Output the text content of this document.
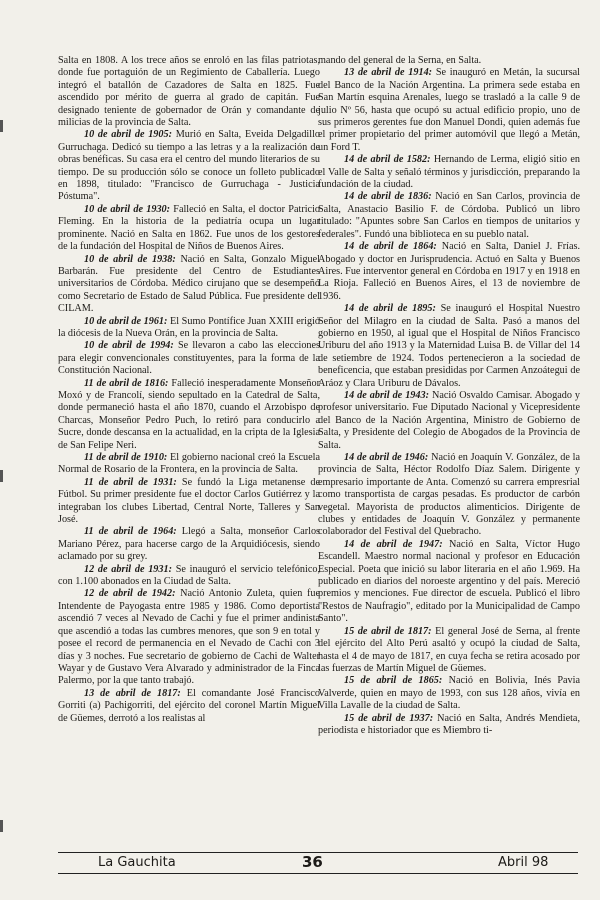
Salta en 1808. A los trece años se enroló en las filas patriotas, donde fue portaguión de un Regimiento de Caballería. Luego integró el batallón de Cazadores de Salta en 1825. Fue ascendido por mérito de guerra al grado de capitán. Fue designado teniente de gobernador de Orán y comandante de milicias de la provincia de Salta.

10 de abril de 1905: Murió en Salta, Eveida Delgadillo Gurruchaga. Dedicó su tiempo a las letras y a la realización de obras benéficas. Su casa era el centro del mundo literarios de su tiempo. De su producción sólo se conoce un folleto publicado en 1898, titulado: "Francisco de Gurruchaga - Justicia Póstuma".

10 de abril de 1930: Falleció en Salta, el doctor Patricio Fleming. En la historia de la pediatría ocupa un lugar prominente. Nació en Salta en 1862. Fue unos de los gestores de la fundación del Hospital de Niños de Buenos Aires.

10 de abril de 1938: Nació en Salta, Gonzalo Miguel Barbarán. Fue presidente del Centro de Estudiantes universitarios de Córdoba. Médico cirujano que se desempeñó como Secretario de Estado de Salud Pública. Fue presidente del CILAM.

10 de abril de 1961: El Sumo Pontífice Juan XXIII erigió la diócesis de la Nueva Orán, en la provincia de Salta.

10 de abril de 1994: Se llevaron a cabo las elecciones para elegir convencionales constituyentes, para la forma de la Constitución Nacional.

11 de abril de 1816: Falleció inesperadamente Monseñor Moxó y de Francolí, siendo sepultado en la Catedral de Salta, donde permaneció hasta el año 1870, cuando el Arzobispo de Charcas, Monseñor Pedro Puch, lo retiró para conducirlo a Sucre, donde descansa en la actualidad, en la cripta de la Iglesia de San Felipe Neri.

11 de abril de 1910: El gobierno nacional creó la Escuela Normal de Rosario de la Frontera, en la provincia de Salta.

11 de abril de 1931: Se fundó la Liga metanense de Fútbol. Su primer presidente fue el doctor Carlos Gutiérrez y la integraban los clubes Libertad, Central Norte, Talleres y San José.

11 de abril de 1964: Llegó a Salta, monseñor Carlos Mariano Pérez, para hacerse cargo de la Arquidiócesis, siendo aclamado por su grey.

12 de abril de 1931: Se inauguró el servicio telefónico, con 1.100 abonados en la Ciudad de Salta.

12 de abril de 1942: Nació Antonio Zuleta, quien fue Intendente de Payogasta entre 1985 y 1986. Como deportista ascendió 7 veces al Nevado de Cachi y fue el primer andinista que ascendió a todas las cumbres menores, que son 9 en total y posee el record de permanencia en el Nevado de Cachi con 3 días y 3 noches. Fue secretario de gobierno de Cachi de Walter Wayar y de Gustavo Vera Alvarado y administrador de la Finca Palermo, por la que tanto trabajó.

13 de abril de 1817: El comandante José Francisco Gorriti (a) Pachigorriti, del ejército del coronel Martín Miguel de Güemes, derrotó a los realistas al

mando del general de la Serna, en Salta.

13 de abril de 1914: Se inauguró en Metán, la sucursal del Banco de la Nación Argentina. La primera sede estaba en San Martín esquina Arenales, luego se trasladó a la calle 9 de julio Nº 56, hasta que ocupó su actual edificio propio, uno de sus primeros gerentes fue don Manuel Dondi, quien además fue el primer propietario del primer automóvil que llegó a Metán, un Ford T.

14 de abril de 1582: Hernando de Lerma, eligió sitio en el Valle de Salta y señaló términos y jurisdicción, preparando la fundación de la ciudad.

14 de abril de 1836: Nació en San Carlos, provincia de Salta, Anastacio Basilio F. de Córdoba. Publicó un libro titulado: "Apuntes sobre San Carlos en tiempos de unitarios y federales". Fundó una biblioteca en su pueblo natal.

14 de abril de 1864: Nació en Salta, Daniel J. Frías. Abogado y doctor en Jurisprudencia. Actuó en Salta y Buenos Aires. Fue interventor general en Córdoba en 1917 y en 1918 en La Rioja. Falleció en Buenos Aires, el 13 de noviembre de 1936.

14 de abril de 1895: Se inauguró el Hospital Nuestro Señor del Milagro en la ciudad de Salta. Pasó a manos del gobierno en 1950, al igual que el Hospital de Niños Francisco Uriburu del año 1913 y la Maternidad Luisa B. de Villar del 14 de setiembre de 1924. Todos pertenecieron a la sociedad de beneficencia, que estaban presididas por Carmen Anzoátegui de Aráoz y Clara Uriburu de Dávalos.

14 de abril de 1943: Nació Osvaldo Camisar. Abogado y profesor universitario. Fue Diputado Nacional y Vicepresidente del Banco de la Nación Argentina, Ministro de Gobierno de Salta, y Presidente del Colegio de Abogados de la Provincia de Salta.

14 de abril de 1946: Nació en Joaquín V. González, de la provincia de Salta, Héctor Rodolfo Díaz Salem. Dirigente y empresario importante de Anta. Comenzó su carrera empresrial como transportista de cargas pesadas. Es productor de carbón vegetal. Mayorista de productos alimenticios. Dirigente de clubes y entidades de Joaquín V. González y permanente colaborador del Festival del Quebracho.

14 de abril de 1947: Nació en Salta, Víctor Hugo Escandell. Maestro normal nacional y profesor en Educación Especial. Poeta que inició su labor literaria en el año 1.969. Ha publicado en diarios del noroeste argentino y del país. Mereció premios y menciones. Fue director de escuela. Publicó el libro "Restos de Naufragio", editado por la Municipalidad de Campo Santo".

15 de abril de 1817: El general José de Serna, al frente del ejército del Alto Perú asaltó y ocupó la ciudad de Salta, hasta el 4 de mayo de 1817, en cuya fecha se retira acosado por las fuerzas de Martín Miguel de Güemes.

15 de abril de 1865: Nació en Bolivia, Inés Pavia Valverde, quien en mayo de 1993, con sus 128 años, vivía en Villa Lavalle de la ciudad de Salta.

15 de abril de 1937: Nació en Salta, Andrés Mendieta, periodista e historiador que es Miembro ti-

La Gauchita	36	Abril 98
